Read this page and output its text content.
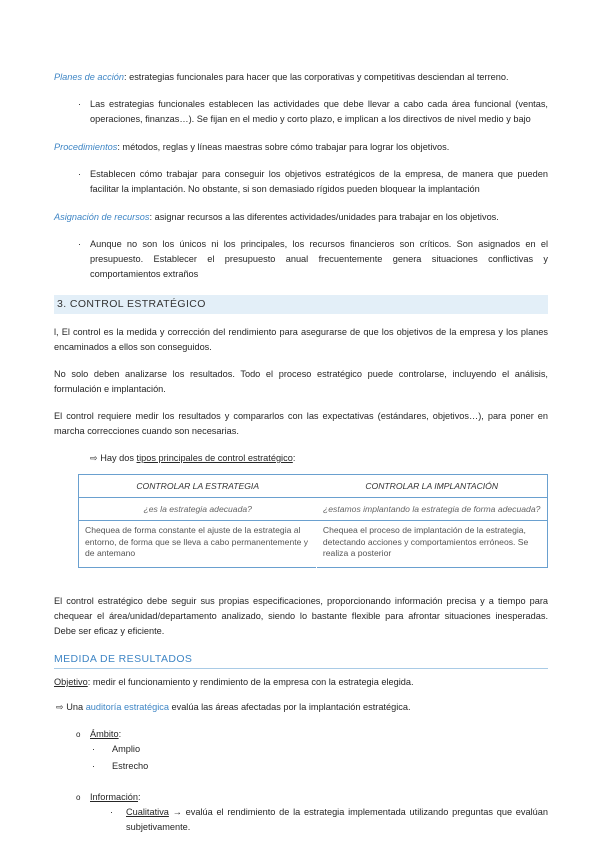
Planes de acción: estrategias funcionales para hacer que las corporativas y competitivas desciendan al terreno.

· Las estrategias funcionales establecen las actividades que debe llevar a cabo cada área funcional (ventas, operaciones, finanzas…). Se fijan en el medio y corto plazo, e implican a los directivos de nivel medio y bajo

Procedimientos: métodos, reglas y líneas maestras sobre cómo trabajar para lograr los objetivos.

· Establecen cómo trabajar para conseguir los objetivos estratégicos de la empresa, de manera que pueden facilitar la implantación. No obstante, si son demasiado rígidos pueden bloquear la implantación

Asignación de recursos: asignar recursos a las diferentes actividades/unidades para trabajar en los objetivos.

· Aunque no son los únicos ni los principales, los recursos financieros son críticos. Son asignados en el presupuesto. Establecer el presupuesto anual frecuentemente genera situaciones conflictivas y comportamientos extraños

3. CONTROL ESTRATÉGICO

l, El control es la medida y corrección del rendimiento para asegurarse de que los objetivos de la empresa y los planes encaminados a ellos son conseguidos.

No solo deben analizarse los resultados. Todo el proceso estratégico puede controlarse, incluyendo el análisis, formulación e implantación.

El control requiere medir los resultados y compararlos con las expectativas (estándares, objetivos…), para poner en marcha correcciones cuando son necesarias.

⇨ Hay dos tipos principales de control estratégico:

CONTROLAR LA ESTRATEGIA	CONTROLAR LA IMPLANTACIÓN
¿es la estrategia adecuada?	¿estamos implantando la estrategia de forma adecuada?
Chequea de forma constante el ajuste de la estrategia al entorno, de forma que se lleva a cabo permanentemente y de antemano	Chequea el proceso de implantación de la estrategia, detectando acciones y comportamientos erróneos. Se realiza a posterior

El control estratégico debe seguir sus propias especificaciones, proporcionando información precisa y a tiempo para chequear el área/unidad/departamento analizado, siendo lo bastante flexible para afrontar situaciones inesperadas. Debe ser eficaz y eficiente.

MEDIDA DE RESULTADOS

Objetivo: medir el funcionamiento y rendimiento de la empresa con la estrategia elegida.

⇨ Una auditoría estratégica evalúa las áreas afectadas por la implantación estratégica.

o Ámbito:

· Amplio

· Estrecho

o Información:

· Cualitativa → evalúa el rendimiento de la estrategia implementada utilizando preguntas que evalúan subjetivamente.
